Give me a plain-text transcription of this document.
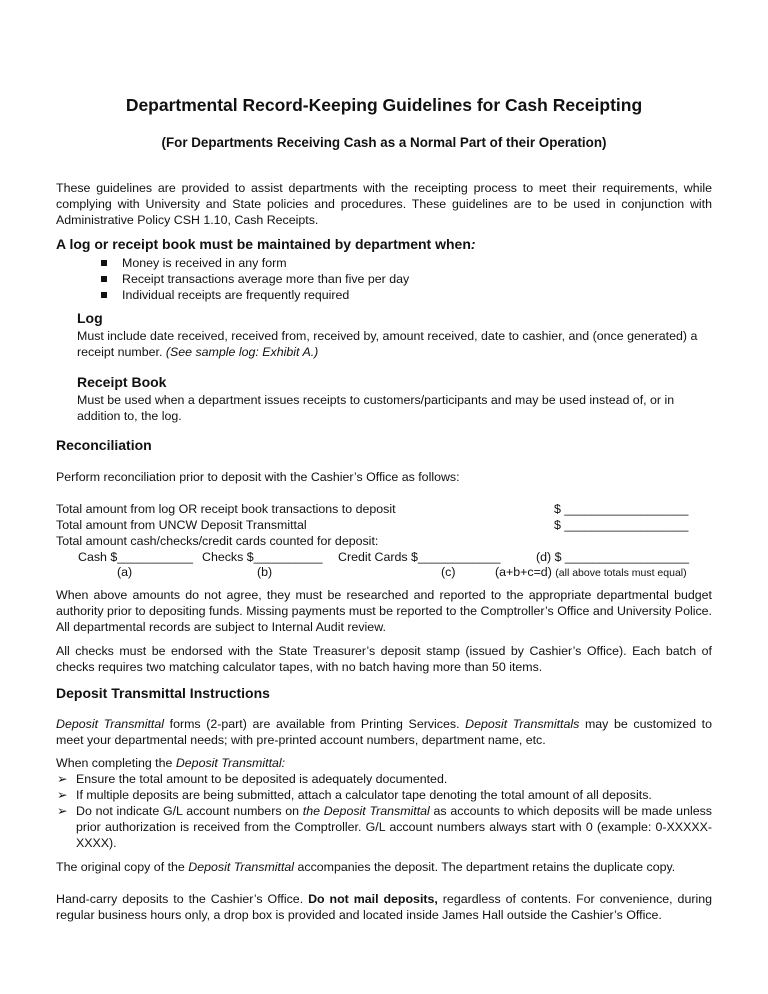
Departmental Record-Keeping Guidelines for Cash Receipting
(For Departments Receiving Cash as a Normal Part of their Operation)
These guidelines are provided to assist departments with the receipting process to meet their requirements, while complying with University and State policies and procedures. These guidelines are to be used in conjunction with Administrative Policy CSH 1.10, Cash Receipts.
A log or receipt book must be maintained by department when:
Money is received in any form
Receipt transactions average more than five per day
Individual receipts are frequently required
Log
Must include date received, received from, received by, amount received, date to cashier, and (once generated) a receipt number. (See sample log: Exhibit A.)
Receipt Book
Must be used when a department issues receipts to customers/participants and may be used instead of, or in addition to, the log.
Reconciliation
Perform reconciliation prior to deposit with the Cashier’s Office as follows:
Total amount from log OR receipt book transactions to deposit	$ __________________
Total amount from UNCW Deposit Transmittal	$ __________________
Total amount cash/checks/credit cards counted for deposit:
Cash $___________ Checks $__________ Credit Cards $____________	(d) $ __________________
(a)	(b)	(c)	(a+b+c=d) (all above totals must equal)
When above amounts do not agree, they must be researched and reported to the appropriate departmental budget authority prior to depositing funds. Missing payments must be reported to the Comptroller’s Office and University Police. All departmental records are subject to Internal Audit review.
All checks must be endorsed with the State Treasurer’s deposit stamp (issued by Cashier’s Office). Each batch of checks requires two matching calculator tapes, with no batch having more than 50 items.
Deposit Transmittal Instructions
Deposit Transmittal forms (2-part) are available from Printing Services. Deposit Transmittals may be customized to meet your departmental needs; with pre-printed account numbers, department name, etc.
When completing the Deposit Transmittal:
➢ Ensure the total amount to be deposited is adequately documented.
➢ If multiple deposits are being submitted, attach a calculator tape denoting the total amount of all deposits.
➢ Do not indicate G/L account numbers on the Deposit Transmittal as accounts to which deposits will be made unless prior authorization is received from the Comptroller. G/L account numbers always start with 0 (example: 0-XXXXX-XXXX).
The original copy of the Deposit Transmittal accompanies the deposit. The department retains the duplicate copy.
Hand-carry deposits to the Cashier’s Office. Do not mail deposits, regardless of contents. For convenience, during regular business hours only, a drop box is provided and located inside James Hall outside the Cashier’s Office.
